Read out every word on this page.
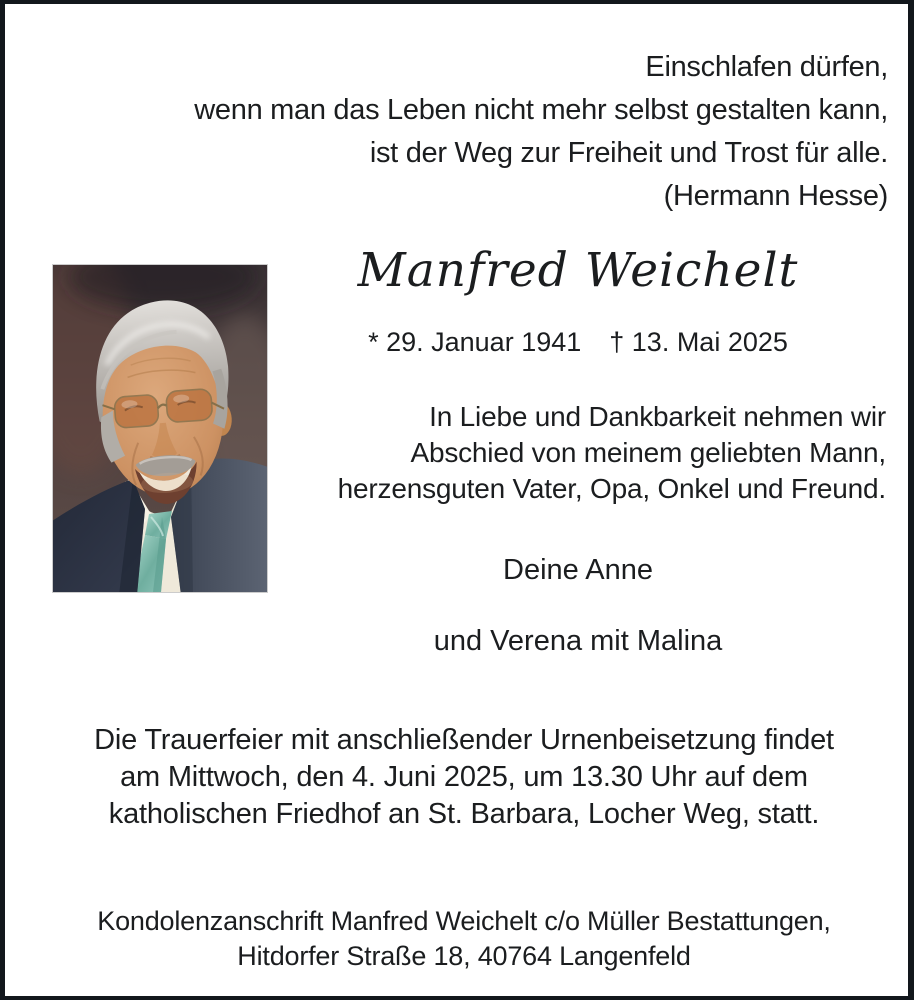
Einschlafen dürfen,
wenn man das Leben nicht mehr selbst gestalten kann,
ist der Weg zur Freiheit und Trost für alle.
(Hermann Hesse)
Manfred Weichelt
* 29. Januar 1941 † 13. Mai 2025
In Liebe und Dankbarkeit nehmen wir
Abschied von meinem geliebten Mann,
herzensguten Vater, Opa, Onkel und Freund.
Deine Anne
und Verena mit Malina
Die Trauerfeier mit anschließender Urnenbeisetzung findet
am Mittwoch, den 4. Juni 2025, um 13.30 Uhr auf dem
katholischen Friedhof an St. Barbara, Locher Weg, statt.
Kondolenzanschrift Manfred Weichelt c/o Müller Bestattungen,
Hitdorfer Straße 18, 40764 Langenfeld
